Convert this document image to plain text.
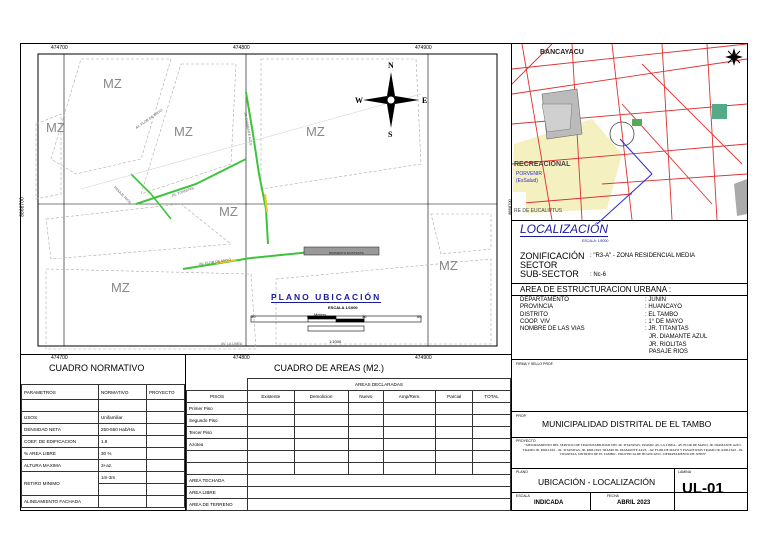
474700	474800	474900
474700	474800	474900
8868700
MZ
MZ	MZ	MZ
MZ
MZ
MZ
AV. FLOR DE MAYO
JR. TITANITAS
PASAJE RIOS
JR. DIAMANTE AZUL
AV. FLOR DE MAYO
AV. LA LINEA
PAVIMENTO EXISTENTE
N
S
E
W
PLANO UBICACIÓN
ESCALA 1/1000
Meters
30	0	30	60
1:1000
BANCAYACU
RECREACIONAL
PORVENIR
(EsSalud)
RE DE EUCALIPTUS
8868700
LOCALIZACIÓN
ESCALA: 1/5000
ZONIFICACIÓN : "R3-A" - ZONA RESIDENCIAL MEDIA
SECTOR
SUB-SECTOR : Nc-6
AREA DE ESTRUCTURACION URBANA :
DEPARTAMENTO	: JUNIN
PROVINCIA	: HUANCAYO
DISTRITO	: EL TAMBO
COOP. VIV	: 1° DE MAYO
NOMBRE DE LAS VIAS	: JR. TITANITAS
JR. DIAMANTE AZUL
JR. RIOLITAS
PASAJE RIOS
FIRMA Y SELLO PROF.
PROP.
MUNICIPALIDAD DISTRITAL DE EL TAMBO
PROYECTO
"MEJORAMIENTO DEL SERVICIO DE TRANSITABILIDAD DEL JR. TITANITAS, TRAMO: AV. LA LINEA - AV. FLOR DE MAYO, JR. DIAMANTE AZUL TRAMO JR. RIOLITAS - JR. TITANITAS, JR. RIOLITAS TRAMO JR. DIAMANTE AZUL - AV. FLOR DE MAYO Y PASAJE RIOS TRAMO JR. RIOLITAS - JR. TITANITAS, DISTRITO DE EL TAMBO - PROVINCIA DE HUANCAYO - DEPARTAMENTO DE JUNIN"
PLANO
UBICACIÓN - LOCALIZACIÓN
LAMINA
UL-01
ESCALA
INDICADA
FECHA
ABRIL 2023
CUADRO NORMATIVO
PARAMETROS	NORMATIVO	PROYECTO

USOS	Unifamiliar	
DENSIDAD NETA	250-550 Hab/Ha	
COEF. DE EDIFICACION	1.8	
% AREA LIBRE	30 %	
ALTURA MAXIMA	3+az.	
RETIRO MINIMO	1m-3m	

ALINEAMIENTO FACHADA		
CUADRO DE AREAS (M2.)
	AREAS DECLARADAS					
PISOS	Existente	Demolicion	Nuevo	Amp/Rem.	Parcial	TOTAL
Primer Piso						
Segundo Piso						
Tercer Piso						
Azotea						

AREA TECHADA						
AREA LIBRE						
AREA DE TERRENO						
